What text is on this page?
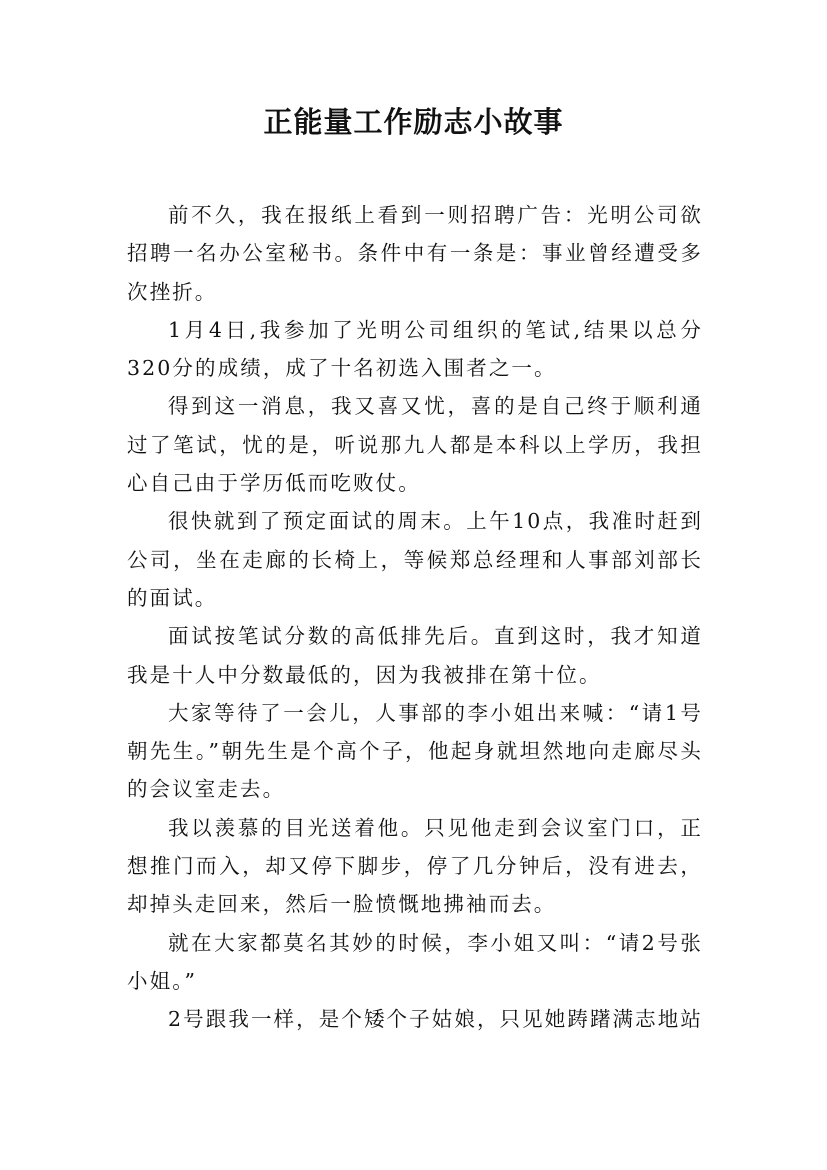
正能量工作励志小故事

前不久，我在报纸上看到一则招聘广告：光明公司欲招聘一名办公室秘书。条件中有一条是：事业曾经遭受多次挫折。

1月4日,我参加了光明公司组织的笔试,结果以总分320分的成绩，成了十名初选入围者之一。

得到这一消息，我又喜又忧，喜的是自己终于顺利通过了笔试，忧的是，听说那九人都是本科以上学历，我担心自己由于学历低而吃败仗。

很快就到了预定面试的周末。上午10点，我准时赶到公司，坐在走廊的长椅上，等候郑总经理和人事部刘部长的面试。

面试按笔试分数的高低排先后。直到这时，我才知道我是十人中分数最低的，因为我被排在第十位。

大家等待了一会儿，人事部的李小姐出来喊：“请1号朝先生。”朝先生是个高个子，他起身就坦然地向走廊尽头的会议室走去。

我以羡慕的目光送着他。只见他走到会议室门口，正想推门而入，却又停下脚步，停了几分钟后，没有进去，却掉头走回来，然后一脸愤慨地拂袖而去。

就在大家都莫名其妙的时候，李小姐又叫：“请2号张小姐。”

2号跟我一样，是个矮个子姑娘，只见她踌躇满志地站
